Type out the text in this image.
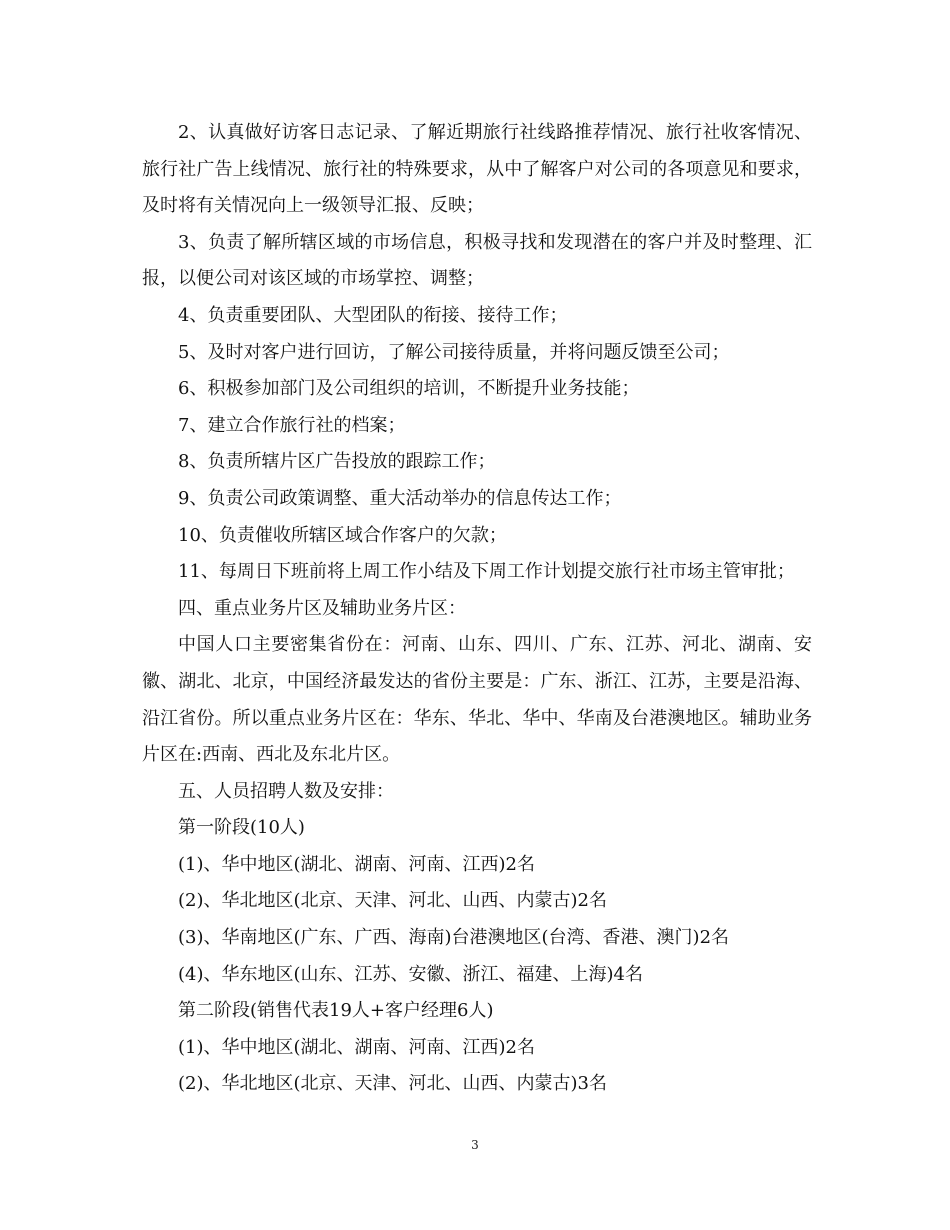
2、认真做好访客日志记录、了解近期旅行社线路推荐情况、旅行社收客情况、旅行社广告上线情况、旅行社的特殊要求，从中了解客户对公司的各项意见和要求，及时将有关情况向上一级领导汇报、反映；

3、负责了解所辖区域的市场信息，积极寻找和发现潜在的客户并及时整理、汇报，以便公司对该区域的市场掌控、调整；

4、负责重要团队、大型团队的衔接、接待工作；

5、及时对客户进行回访，了解公司接待质量，并将问题反馈至公司；

6、积极参加部门及公司组织的培训，不断提升业务技能；

7、建立合作旅行社的档案；

8、负责所辖片区广告投放的跟踪工作；

9、负责公司政策调整、重大活动举办的信息传达工作；

10、负责催收所辖区域合作客户的欠款；

11、每周日下班前将上周工作小结及下周工作计划提交旅行社市场主管审批；

四、重点业务片区及辅助业务片区：

中国人口主要密集省份在：河南、山东、四川、广东、江苏、河北、湖南、安徽、湖北、北京，中国经济最发达的省份主要是：广东、浙江、江苏，主要是沿海、沿江省份。所以重点业务片区在：华东、华北、华中、华南及台港澳地区。辅助业务片区在:西南、西北及东北片区。

五、人员招聘人数及安排：

第一阶段(10人)

(1)、华中地区(湖北、湖南、河南、江西)2名

(2)、华北地区(北京、天津、河北、山西、内蒙古)2名

(3)、华南地区(广东、广西、海南)台港澳地区(台湾、香港、澳门)2名

(4)、华东地区(山东、江苏、安徽、浙江、福建、上海)4名

第二阶段(销售代表19人+客户经理6人)

(1)、华中地区(湖北、湖南、河南、江西)2名

(2)、华北地区(北京、天津、河北、山西、内蒙古)3名

3
